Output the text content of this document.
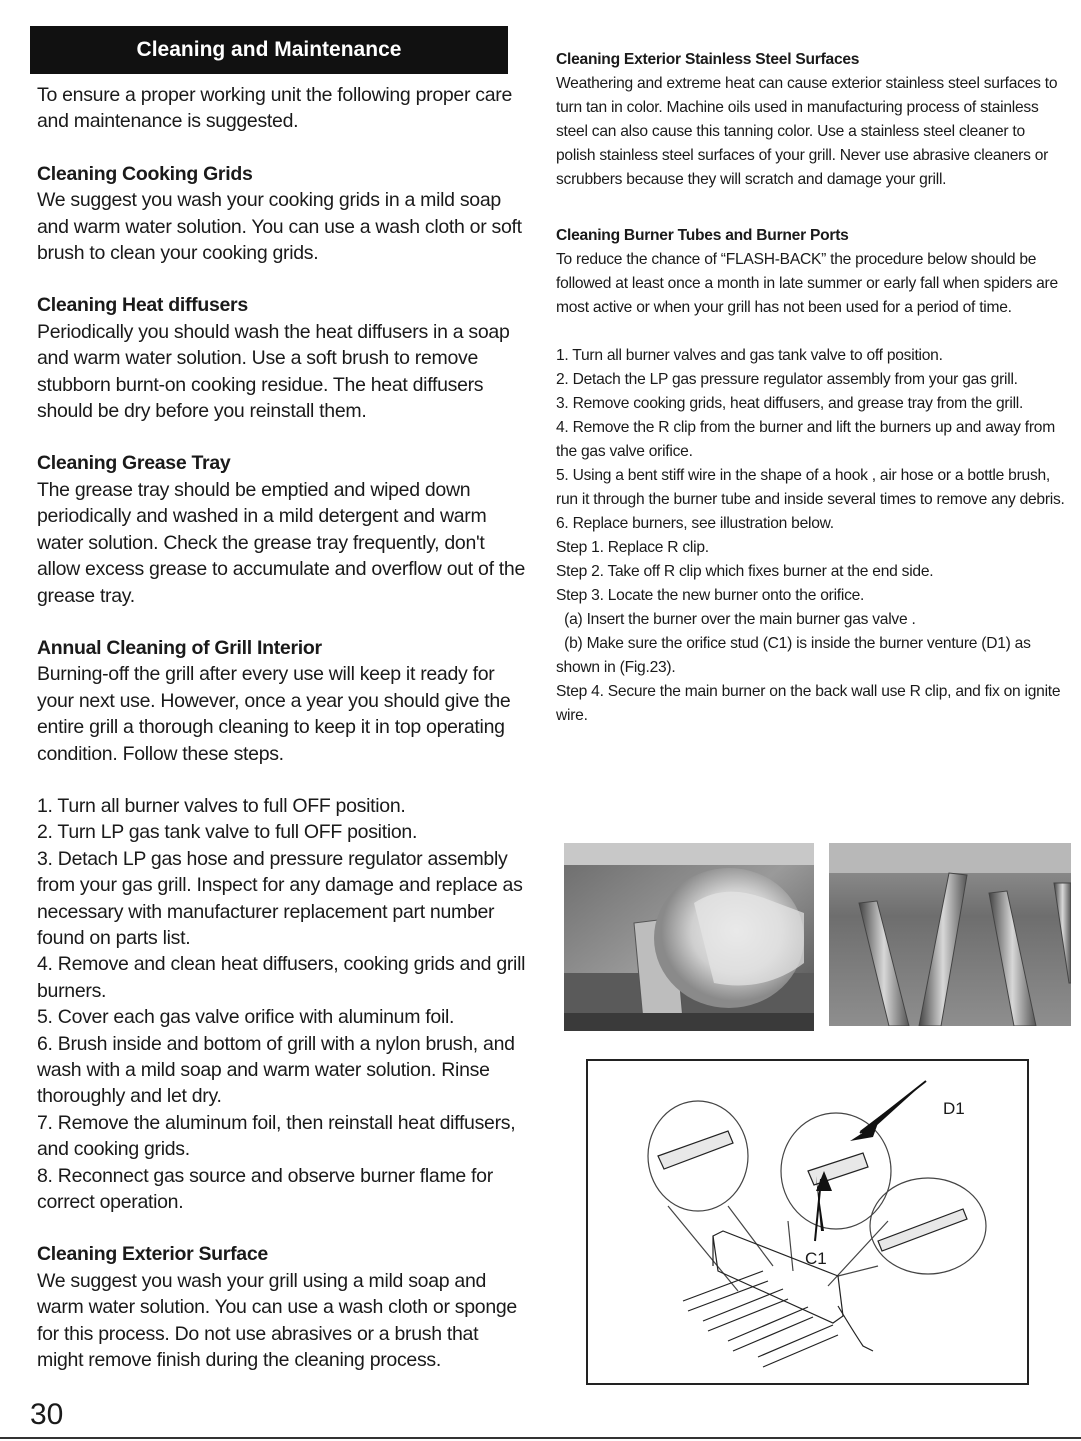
Cleaning and Maintenance

To ensure a proper working unit the following proper care and maintenance is suggested.

Cleaning Cooking Grids

We suggest you wash your cooking grids in a mild soap and warm water solution. You can use a wash cloth or soft brush to clean your cooking grids.

Cleaning Heat diffusers

Periodically you should wash the heat diffusers in a soap and warm water solution. Use a soft brush to remove stubborn burnt-on cooking residue. The heat diffusers should be dry before you reinstall them.

Cleaning Grease Tray

The grease tray should be emptied and wiped down periodically and washed in a mild detergent and warm water solution. Check the grease tray frequently, don't allow excess grease to accumulate and overflow out of the grease tray.

Annual Cleaning of Grill Interior

Burning-off the grill after every use will keep it ready for your next use. However, once a year you should give the entire grill a thorough cleaning to keep it in top operating condition. Follow these steps.

1. Turn all burner valves to full OFF position.

2. Turn LP gas tank valve to full OFF position.

3. Detach LP gas hose and pressure regulator assembly from your gas grill. Inspect for any damage and replace as necessary with manufacturer replacement part number found on parts list.

4. Remove and clean heat diffusers, cooking grids and grill burners.

5. Cover each gas valve orifice with aluminum foil.

6. Brush inside and bottom of grill with a nylon brush, and wash with a mild soap and warm water solution. Rinse thoroughly and let dry.

7. Remove the aluminum foil, then reinstall heat diffusers, and cooking grids.

8. Reconnect gas source and observe burner flame for correct operation.

Cleaning Exterior Surface

We suggest you wash your grill using a mild soap and warm water solution. You can use a wash cloth or sponge for this process. Do not use abrasives or a brush that might remove finish during the cleaning process.

Cleaning Exterior Stainless Steel Surfaces

Weathering and extreme heat can cause exterior stainless steel surfaces to turn tan in color. Machine oils used in manufacturing process of stainless steel can also cause this tanning color. Use a stainless steel cleaner to polish stainless steel surfaces of your grill. Never use abrasive cleaners or scrubbers because they will scratch and damage your grill.

Cleaning Burner Tubes and Burner Ports

To reduce the chance of “FLASH-BACK” the procedure below should be followed at least once a month in late summer or early fall when spiders are most active or when your grill has not been used for a period of time.

1. Turn all burner valves and gas tank valve to off position.

2. Detach the LP gas pressure regulator assembly from your gas grill.

3. Remove cooking grids, heat diffusers, and grease tray from the grill.

4. Remove the R clip from the burner and lift the burners up and away from the gas valve orifice.

5. Using a bent stiff wire in the shape of a hook , air hose or a bottle brush, run it through the burner tube and inside several times to remove any debris.

6. Replace burners, see illustration below.

Step 1. Replace R clip.

Step 2. Take off R clip which fixes burner at the end side.

Step 3. Locate the new burner onto the orifice.

(a) Insert the burner over the main burner gas valve .

(b) Make sure the orifice stud (C1) is inside the burner venture (D1) as shown in (Fig.23).

Step 4. Secure the main burner on the back wall use R clip, and fix on ignite wire.

D1
C1
30
